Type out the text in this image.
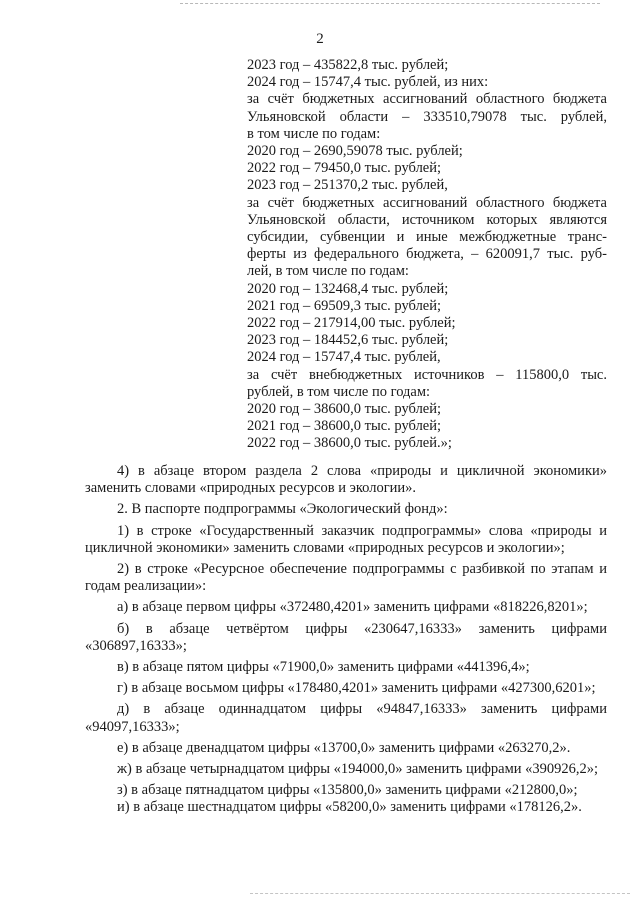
2
2023 год – 435822,8 тыс. рублей;
2024 год – 15747,4 тыс. рублей, из них:
за счёт бюджетных ассигнований областного бюджета
Ульяновской области – 333510,79078 тыс. рублей,
в том числе по годам:
2020 год – 2690,59078 тыс. рублей;
2022 год – 79450,0 тыс. рублей;
2023 год – 251370,2 тыс. рублей,
за счёт бюджетных ассигнований областного бюджета
Ульяновской области, источником которых являются
субсидии, субвенции и иные межбюджетные транс-
ферты из федерального бюджета, – 620091,7 тыс. руб-
лей, в том числе по годам:
2020 год – 132468,4 тыс. рублей;
2021 год – 69509,3 тыс. рублей;
2022 год – 217914,00 тыс. рублей;
2023 год – 184452,6 тыс. рублей;
2024 год – 15747,4 тыс. рублей,
за счёт внебюджетных источников – 115800,0 тыс.
рублей, в том числе по годам:
2020 год – 38600,0 тыс. рублей;
2021 год – 38600,0 тыс. рублей;
2022 год – 38600,0 тыс. рублей.»;

4) в абзаце втором раздела 2 слова «природы и цикличной экономики» заменить словами «природных ресурсов и экологии».

2. В паспорте подпрограммы «Экологический фонд»:

1) в строке «Государственный заказчик подпрограммы» слова «природы и цикличной экономики» заменить словами «природных ресурсов и экологии»;

2) в строке «Ресурсное обеспечение подпрограммы с разбивкой по этапам и годам реализации»:

а) в абзаце первом цифры «372480,4201» заменить цифрами «818226,8201»;

б) в абзаце четвёртом цифры «230647,16333» заменить цифрами «306897,16333»;

в) в абзаце пятом цифры «71900,0» заменить цифрами «441396,4»;

г) в абзаце восьмом цифры «178480,4201» заменить цифрами «427300,6201»;

д) в абзаце одиннадцатом цифры «94847,16333» заменить цифрами «94097,16333»;

е) в абзаце двенадцатом цифры «13700,0» заменить цифрами «263270,2».

ж) в абзаце четырнадцатом цифры «194000,0» заменить цифрами «390926,2»;

з) в абзаце пятнадцатом цифры «135800,0» заменить цифрами «212800,0»;

и) в абзаце шестнадцатом цифры «58200,0» заменить цифрами «178126,2».
